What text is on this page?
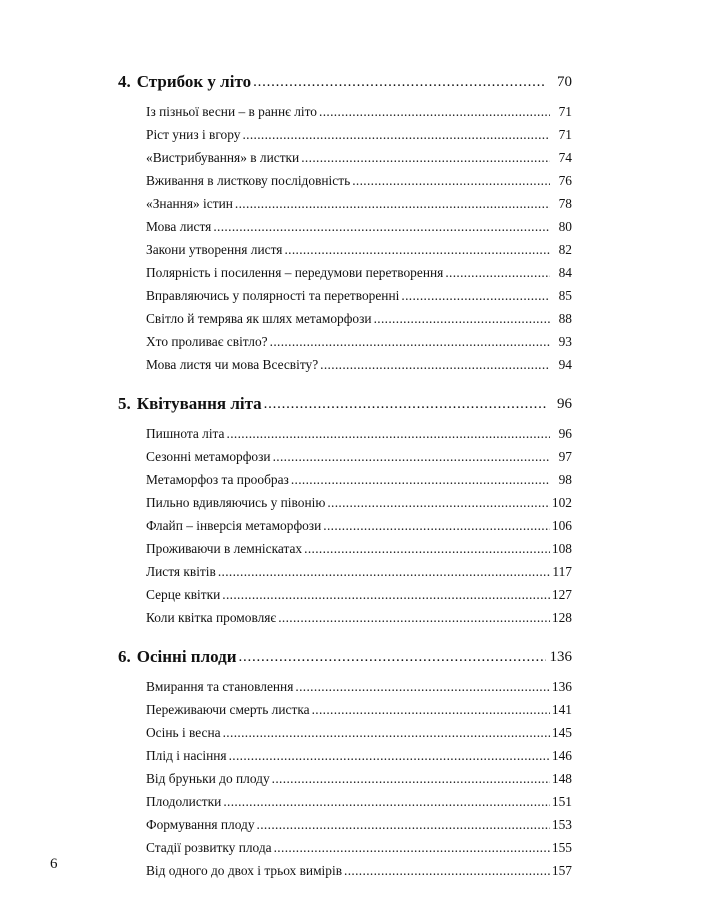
4. Стрибок у літо . . .	70
Із пізньої весни – в раннє літо . . .	71
Ріст униз і вгору . . .	71
«Вистрибування» в листки . . .	74
Вживання в листкову послідовність . . .	76
«Знання» істин . . .	78
Мова листя . . .	80
Закони утворення листя . . .	82
Полярність і посилення – передумови перетворення . . .	84
Вправляючись у полярності та перетворенні . . .	85
Світло й темрява як шлях метаморфози . . .	88
Хто проливає світло? . . .	93
Мова листя чи мова Всесвіту? . . .	94
5. Квітування літа . . .	96
Пишнота літа . . .	96
Сезонні метаморфози . . .	97
Метаморфоз та прообраз . . .	98
Пильно вдивляючись у півонію . . .	102
Флайп – інверсія метаморфози . . .	106
Проживаючи в лемніскатах . . .	108
Листя квітів . . .	117
Серце квітки . . .	127
Коли квітка промовляє . . .	128
6. Осінні плоди . . .	136
Вмирання та становлення . . .	136
Переживаючи смерть листка . . .	141
Осінь і весна . . .	145
Плід і насіння . . .	146
Від бруньки до плоду . . .	148
Плодолистки . . .	151
Формування плоду . . .	153
Стадії розвитку плода . . .	155
Від одного до двох і трьох вимірів . . .	157
6
